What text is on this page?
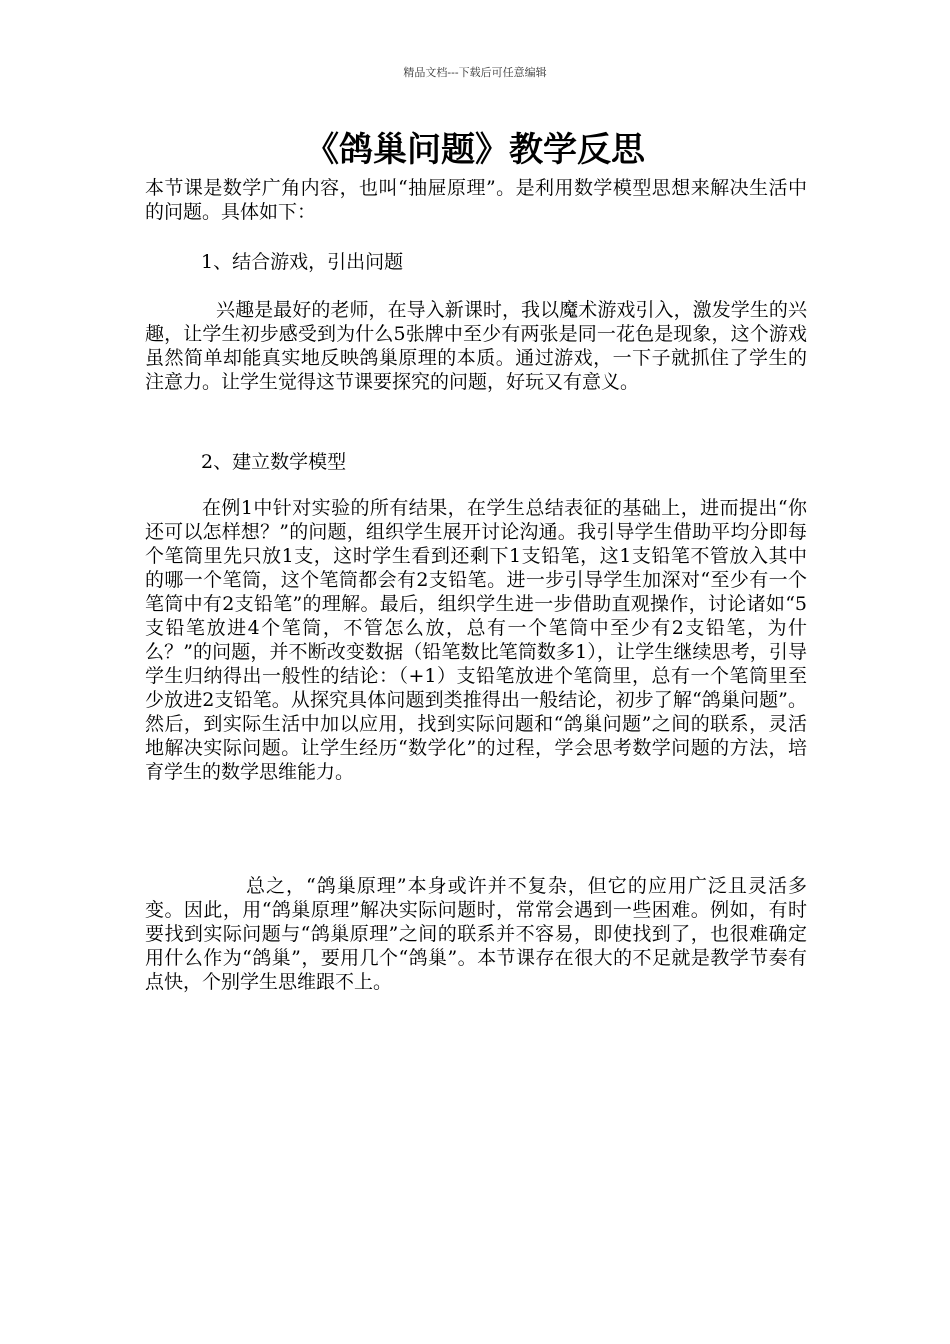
精品文档---下载后可任意编辑
《鸽巢问题》教学反思

本节课是数学广角内容，也叫“抽屉原理”。是利用数学模型思想来解决生活中的问题。具体如下：

1、结合游戏，引出问题

兴趣是最好的老师，在导入新课时，我以魔术游戏引入，激发学生的兴趣，让学生初步感受到为什么5张牌中至少有两张是同一花色是现象，这个游戏虽然简单却能真实地反映鸽巢原理的本质。通过游戏，一下子就抓住了学生的注意力。让学生觉得这节课要探究的问题，好玩又有意义。

2、建立数学模型

在例1中针对实验的所有结果，在学生总结表征的基础上，进而提出“你还可以怎样想？”的问题，组织学生展开讨论沟通。我引导学生借助平均分即每个笔筒里先只放1支，这时学生看到还剩下1支铅笔，这1支铅笔不管放入其中的哪一个笔筒，这个笔筒都会有2支铅笔。进一步引导学生加深对“至少有一个笔筒中有2支铅笔”的理解。最后，组织学生进一步借助直观操作，讨论诸如“5支铅笔放进4个笔筒，不管怎么放，总有一个笔筒中至少有2支铅笔，为什么？”的问题，并不断改变数据（铅笔数比笔筒数多1），让学生继续思考，引导学生归纳得出一般性的结论：（+1）支铅笔放进个笔筒里，总有一个笔筒里至少放进2支铅笔。从探究具体问题到类推得出一般结论，初步了解“鸽巢问题”。然后，到实际生活中加以应用，找到实际问题和“鸽巢问题”之间的联系，灵活地解决实际问题。让学生经历“数学化”的过程，学会思考数学问题的方法，培育学生的数学思维能力。

总之，“鸽巢原理”本身或许并不复杂，但它的应用广泛且灵活多变。因此，用“鸽巢原理”解决实际问题时，常常会遇到一些困难。例如，有时要找到实际问题与“鸽巢原理”之间的联系并不容易，即使找到了，也很难确定用什么作为“鸽巢”，要用几个“鸽巢”。本节课存在很大的不足就是教学节奏有点快，个别学生思维跟不上。
